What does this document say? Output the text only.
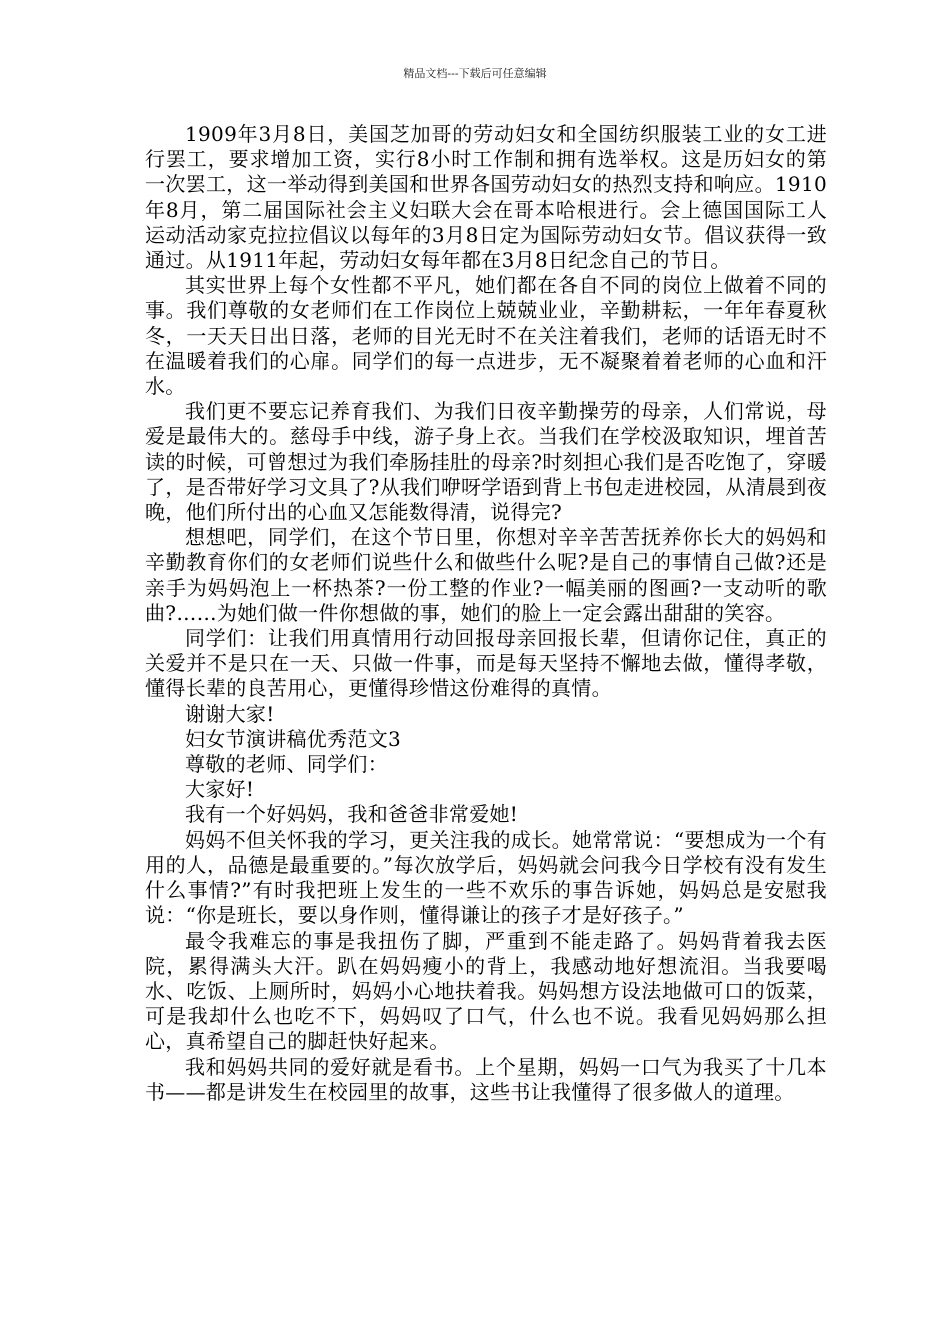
精品文档---下载后可任意编辑

1909年3月8日，美国芝加哥的劳动妇女和全国纺织服装工业的女工进行罢工，要求增加工资，实行8小时工作制和拥有选举权。这是历妇女的第一次罢工，这一举动得到美国和世界各国劳动妇女的热烈支持和响应。1910年8月，第二届国际社会主义妇联大会在哥本哈根进行。会上德国国际工人运动活动家克拉拉倡议以每年的3月8日定为国际劳动妇女节。倡议获得一致通过。从1911年起，劳动妇女每年都在3月8日纪念自己的节日。

其实世界上每个女性都不平凡，她们都在各自不同的岗位上做着不同的事。我们尊敬的女老师们在工作岗位上兢兢业业，辛勤耕耘，一年年春夏秋冬，一天天日出日落，老师的目光无时不在关注着我们，老师的话语无时不在温暖着我们的心扉。同学们的每一点进步，无不凝聚着着老师的心血和汗水。

我们更不要忘记养育我们、为我们日夜辛勤操劳的母亲，人们常说，母爱是最伟大的。慈母手中线，游子身上衣。当我们在学校汲取知识，埋首苦读的时候，可曾想过为我们牵肠挂肚的母亲?时刻担心我们是否吃饱了，穿暖了，是否带好学习文具了?从我们咿呀学语到背上书包走进校园，从清晨到夜晚，他们所付出的心血又怎能数得清，说得完?

想想吧，同学们，在这个节日里，你想对辛辛苦苦抚养你长大的妈妈和辛勤教育你们的女老师们说些什么和做些什么呢?是自己的事情自己做?还是亲手为妈妈泡上一杯热茶?一份工整的作业?一幅美丽的图画?一支动听的歌曲?……为她们做一件你想做的事，她们的脸上一定会露出甜甜的笑容。

同学们：让我们用真情用行动回报母亲回报长辈，但请你记住，真正的关爱并不是只在一天、只做一件事，而是每天坚持不懈地去做，懂得孝敬，懂得长辈的良苦用心，更懂得珍惜这份难得的真情。

谢谢大家!

妇女节演讲稿优秀范文3

尊敬的老师、同学们：

大家好!

我有一个好妈妈，我和爸爸非常爱她!

妈妈不但关怀我的学习，更关注我的成长。她常常说：“要想成为一个有用的人，品德是最重要的。”每次放学后，妈妈就会问我今日学校有没有发生什么事情?”有时我把班上发生的一些不欢乐的事告诉她，妈妈总是安慰我说：“你是班长，要以身作则，懂得谦让的孩子才是好孩子。”

最令我难忘的事是我扭伤了脚，严重到不能走路了。妈妈背着我去医院，累得满头大汗。趴在妈妈瘦小的背上，我感动地好想流泪。当我要喝水、吃饭、上厕所时，妈妈小心地扶着我。妈妈想方设法地做可口的饭菜，可是我却什么也吃不下，妈妈叹了口气，什么也不说。我看见妈妈那么担心，真希望自己的脚赶快好起来。

我和妈妈共同的爱好就是看书。上个星期，妈妈一口气为我买了十几本书——都是讲发生在校园里的故事，这些书让我懂得了很多做人的道理。
